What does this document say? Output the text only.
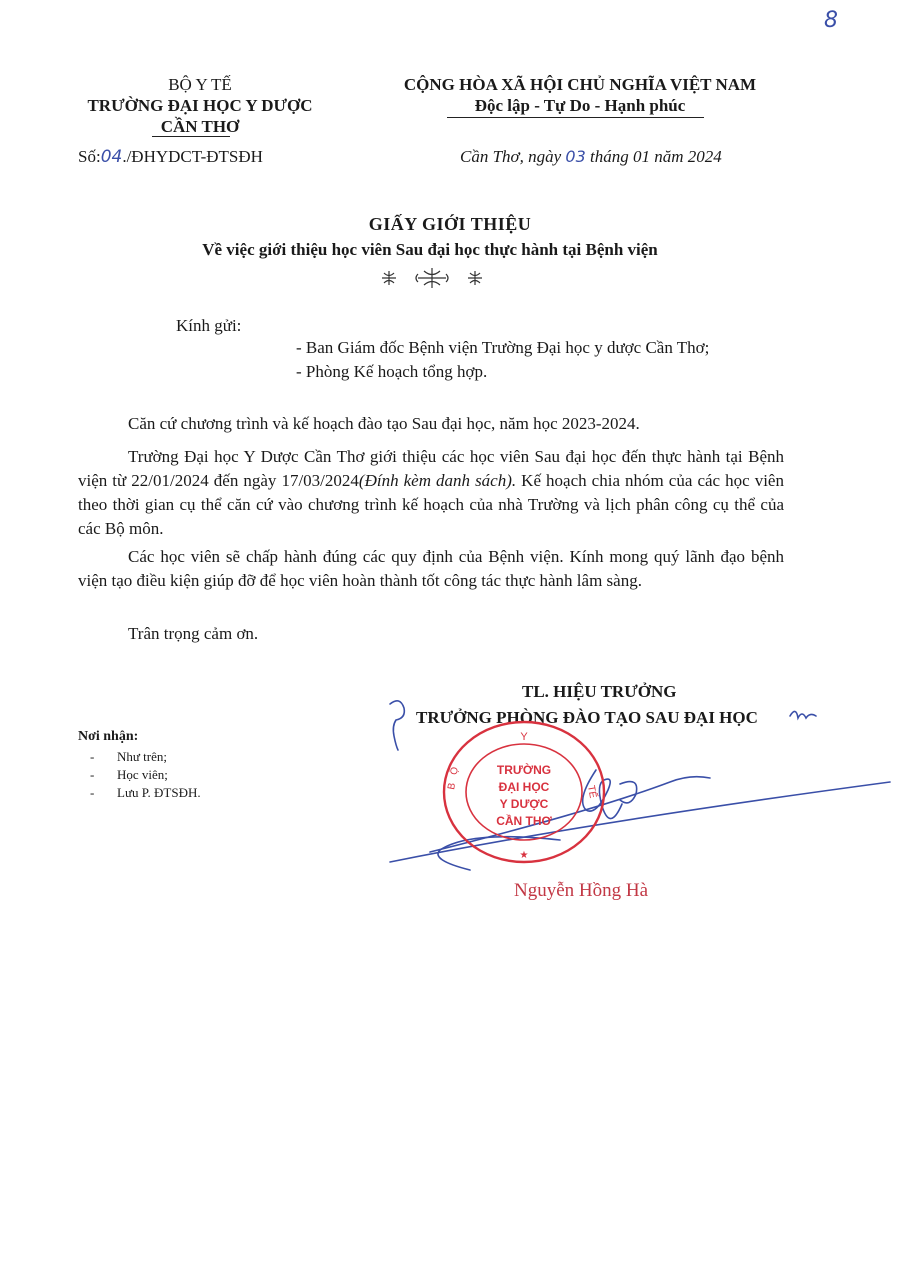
8
BỘ Y TẾ
TRƯỜNG ĐẠI HỌC Y DƯỢC
CẦN THƠ
CỘNG HÒA XÃ HỘI CHỦ NGHĨA VIỆT NAM
Độc lập - Tự Do - Hạnh phúc
Số:04./ĐHYDCT-ĐTSĐH	Cần Thơ, ngày 03 tháng 01 năm 2024
GIẤY GIỚI THIỆU
Về việc giới thiệu học viên Sau đại học thực hành tại Bệnh viện
Kính gửi:
- Ban Giám đốc Bệnh viện Trường Đại học y dược Cần Thơ;
- Phòng Kế hoạch tổng hợp.
Căn cứ chương trình và kế hoạch đào tạo Sau đại học, năm học 2023-2024.
Trường Đại học Y Dược Cần Thơ giới thiệu các học viên Sau đại học đến thực hành tại Bệnh viện từ 22/01/2024 đến ngày 17/03/2024(Đính kèm danh sách). Kế hoạch chia nhóm của các học viên theo thời gian cụ thể căn cứ vào chương trình kế hoạch của nhà Trường và lịch phân công cụ thể của các Bộ môn.
Các học viên sẽ chấp hành đúng các quy định của Bệnh viện. Kính mong quý lãnh đạo bệnh viện tạo điều kiện giúp đỡ để học viên hoàn thành tốt công tác thực hành lâm sàng.
Trân trọng cảm ơn.
TL. HIỆU TRƯỞNG
TRƯỞNG PHÒNG ĐÀO TẠO SAU ĐẠI HỌC
Y
B   Ộ
TẾ
TRƯỜNG
ĐẠI HỌC
Y DƯỢC
CẦN THƠ
★
Nguyễn Hồng Hà
Nơi nhận:
- Như trên;
- Học viên;
- Lưu P. ĐTSĐH.
